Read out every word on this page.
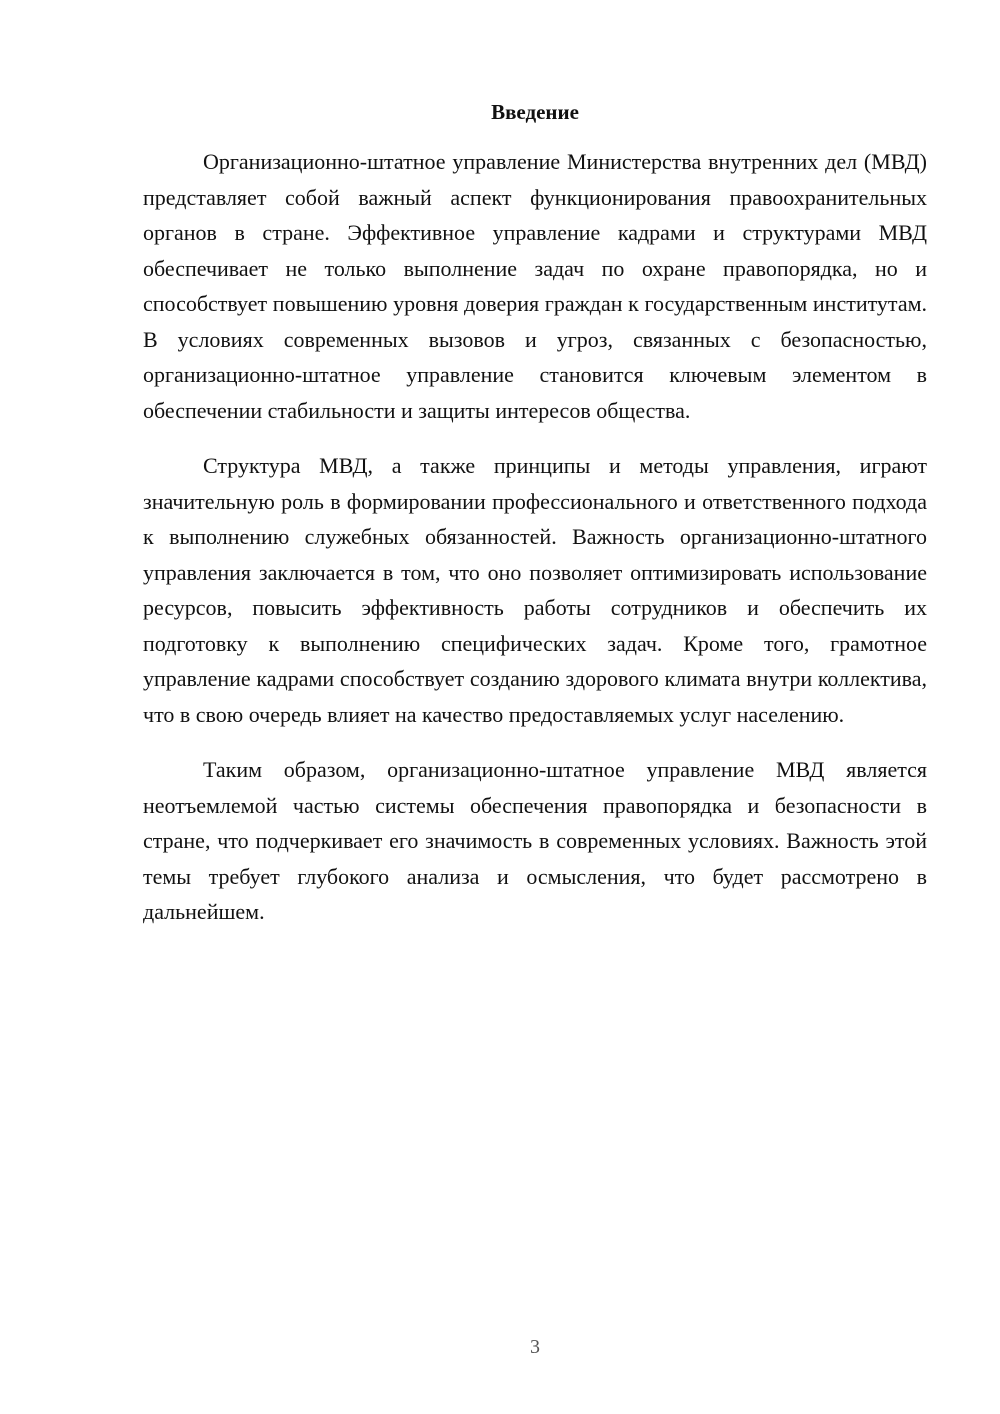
Введение

Организационно-штатное управление Министерства внутренних дел (МВД) представляет собой важный аспект функционирования правоохранительных органов в стране. Эффективное управление кадрами и структурами МВД обеспечивает не только выполнение задач по охране правопорядка, но и способствует повышению уровня доверия граждан к государственным институтам. В условиях современных вызовов и угроз, связанных с безопасностью, организационно-штатное управление становится ключевым элементом в обеспечении стабильности и защиты интересов общества.

Структура МВД, а также принципы и методы управления, играют значительную роль в формировании профессионального и ответственного подхода к выполнению служебных обязанностей. Важность организационно-штатного управления заключается в том, что оно позволяет оптимизировать использование ресурсов, повысить эффективность работы сотрудников и обеспечить их подготовку к выполнению специфических задач. Кроме того, грамотное управление кадрами способствует созданию здорового климата внутри коллектива, что в свою очередь влияет на качество предоставляемых услуг населению.

Таким образом, организационно-штатное управление МВД является неотъемлемой частью системы обеспечения правопорядка и безопасности в стране, что подчеркивает его значимость в современных условиях. Важность этой темы требует глубокого анализа и осмысления, что будет рассмотрено в дальнейшем.

3
